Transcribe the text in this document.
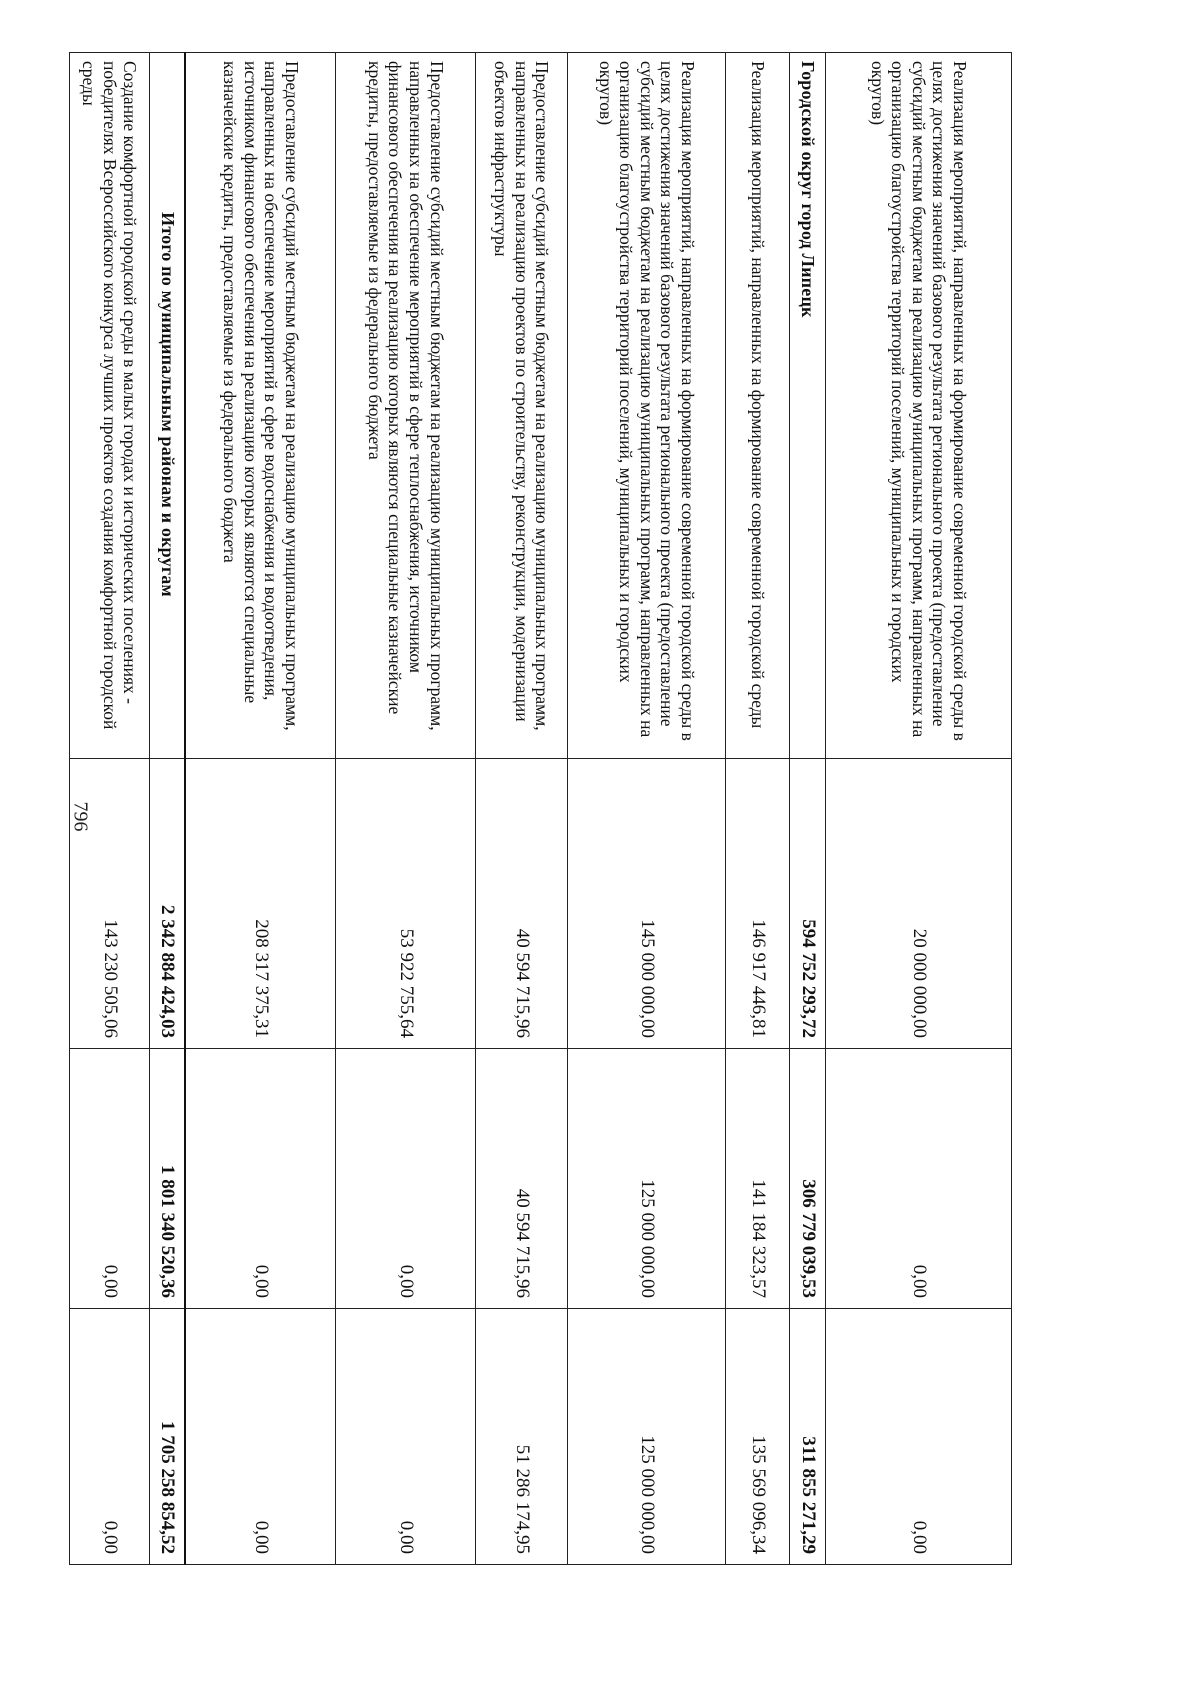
796
Реализация мероприятий, направленных на формирование современной городской среды в целях достижения значений базового результата регионального проекта (предоставление субсидий местным бюджетам на реализацию муниципальных программ, направленных на организацию благоустройства территорий поселений, муниципальных и городских округов)	20 000 000,00	0,00	0,00
Городской округ город Липецк	594 752 293,72	306 779 039,53	311 855 271,29
Реализация мероприятий, направленных на формирование современной городской среды	146 917 446,81	141 184 323,57	135 569 096,34
Реализация мероприятий, направленных на формирование современной городской среды в целях достижения значений базового результата регионального проекта (предоставление субсидий местным бюджетам на реализацию муниципальных программ, направленных на организацию благоустройства территорий поселений, муниципальных и городских округов)	145 000 000,00	125 000 000,00	125 000 000,00
Предоставление субсидий местным бюджетам на реализацию муниципальных программ, направленных на реализацию проектов по строительству, реконструкции, модернизации объектов инфраструктуры	40 594 715,96	40 594 715,96	51 286 174,95
Предоставление субсидий местным бюджетам на реализацию муниципальных программ, направленных на обеспечение мероприятий в сфере теплоснабжения, источником финансового обеспечения на реализацию которых являются специальные казначейские кредиты, предоставляемые из федерального бюджета	53 922 755,64	0,00	0,00
Предоставление субсидий местным бюджетам на реализацию муниципальных программ, направленных на обеспечение мероприятий в сфере водоснабжения и водоотведения, источником финансового обеспечения на реализацию которых являются специальные казначейские кредиты, предоставляемые из федерального бюджета	208 317 375,31	0,00	0,00
Итого по муниципальным районам и округам	2 342 884 424,03	1 801 340 520,36	1 705 258 854,52
Создание комфортной городской среды в малых городах и исторических поселениях - победителях Всероссийского конкурса лучших проектов создания комфортной городской среды	143 230 505,06	0,00	0,00
